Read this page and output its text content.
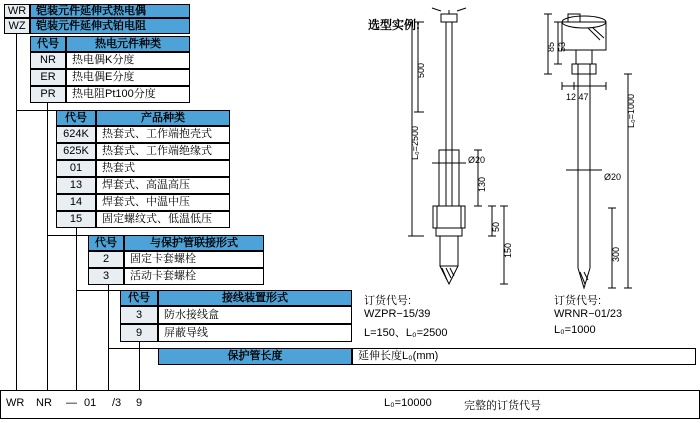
WR 铠装元件延伸式热电偶
WZ 铠装元件延伸式铂电阻
代号	热电元件种类
NR	热电偶K分度
ER	热电偶E分度
PR	热电阻Pt100分度
代号	产品种类
624K	热套式、工作端抱壳式
625K	热套式、工作端绝缘式
01	热套式
13	焊套式、高温高压
14	焊套式、中温中压
15	固定螺纹式、低温低压
代号	与保护管联接形式
2	固定卡套螺栓
3	活动卡套螺栓
代号	接线装置形式
3	防水接线盒
9	屏蔽导线
保护管长度	延伸长度L₀(mm)
选型实例:
500
L₀=2500	Ø20
130
50
150
85 53
12 47	L₀=1000
Ø20
300
订货代号:
WZPR−15/39
L=150、L₀=2500
订货代号:
WRNR−01/23
L₀=1000
WR NR — 01 /3 9	L₀=10000	完整的订货代号
